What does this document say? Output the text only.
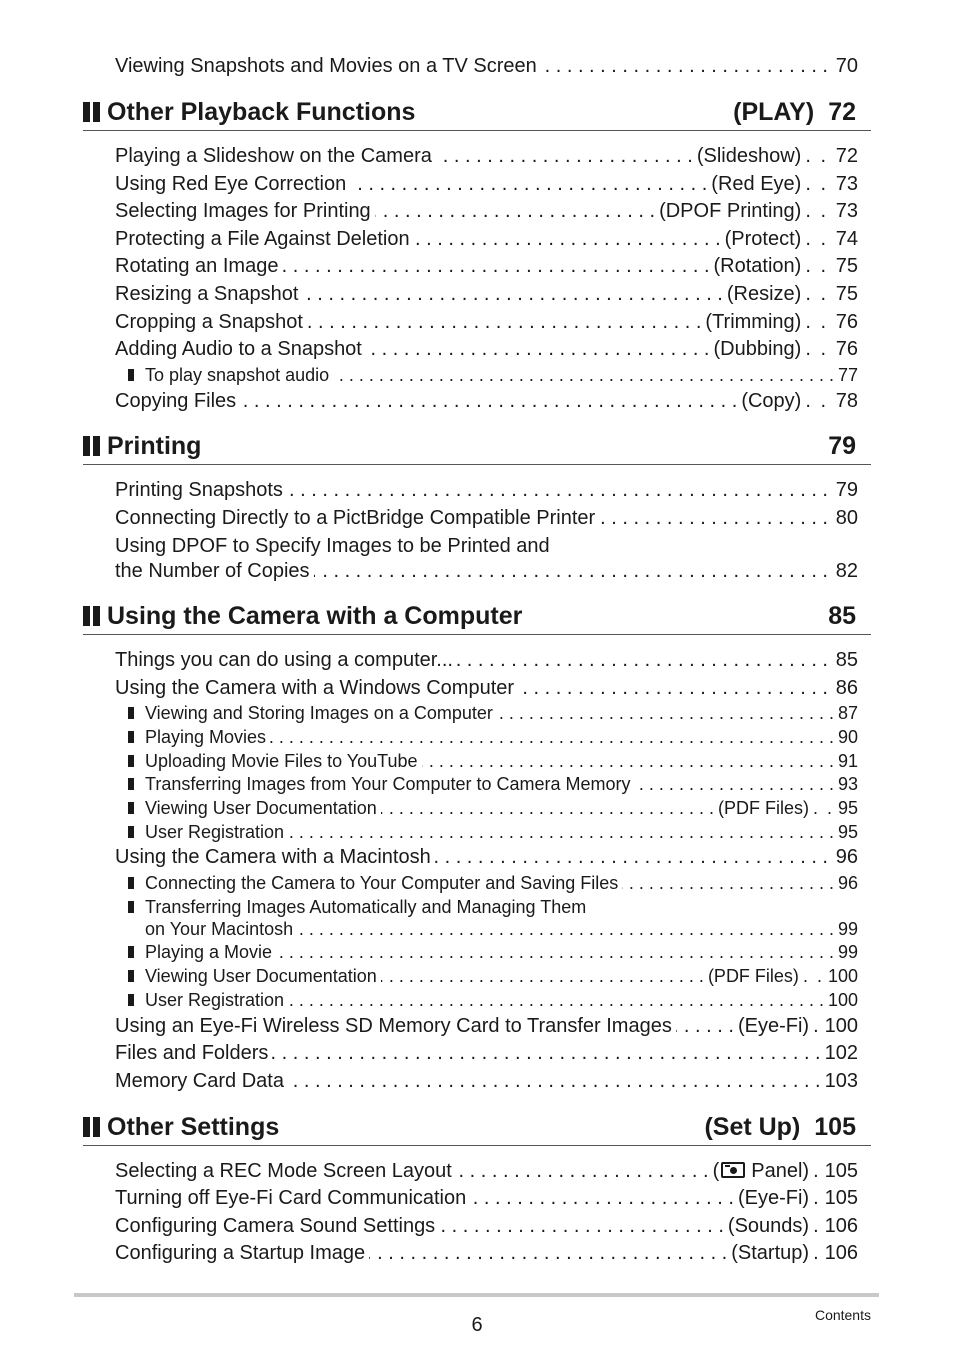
Viewing Snapshots and Movies on a TV Screen . . .	70
Other Playback Functions	(PLAY) 72
Playing a Slideshow on the Camera . . .	(Slideshow) . . 72
Using Red Eye Correction . . .	(Red Eye) . . 73
Selecting Images for Printing . . .	(DPOF Printing) . . 73
Protecting a File Against Deletion . . .	(Protect) . . 74
Rotating an Image . . .	(Rotation) . . 75
Resizing a Snapshot . . .	(Resize) . . 75
Cropping a Snapshot . . .	(Trimming) . . 76
Adding Audio to a Snapshot . . .	(Dubbing) . . 76
To play snapshot audio . . .	77
Copying Files . . .	(Copy) . . 78
Printing	79
Printing Snapshots . . .	79
Connecting Directly to a PictBridge Compatible Printer . . .	80
Using DPOF to Specify Images to be Printed and
the Number of Copies . . .	82
Using the Camera with a Computer	85
Things you can do using a computer... . . .	85
Using the Camera with a Windows Computer . . .	86
Viewing and Storing Images on a Computer . . .	87
Playing Movies . . .	90
Uploading Movie Files to YouTube . . .	91
Transferring Images from Your Computer to Camera Memory . . .	93
Viewing User Documentation . . .	(PDF Files) . . 95
User Registration . . .	95
Using the Camera with a Macintosh . . .	96
Connecting the Camera to Your Computer and Saving Files . . .	96
Transferring Images Automatically and Managing Them
on Your Macintosh . . .	99
Playing a Movie . . .	99
Viewing User Documentation . . .	(PDF Files) . . 100
User Registration . . .	100
Using an Eye-Fi Wireless SD Memory Card to Transfer Images . . .	(Eye-Fi) . 100
Files and Folders . . .	102
Memory Card Data . . .	103
Other Settings	(Set Up) 105
Selecting a REC Mode Screen Layout . . .	( Panel) . 105
Turning off Eye-Fi Card Communication . . .	(Eye-Fi) . 105
Configuring Camera Sound Settings . . .	(Sounds) . 106
Configuring a Startup Image . . .	(Startup) . 106
6	Contents
